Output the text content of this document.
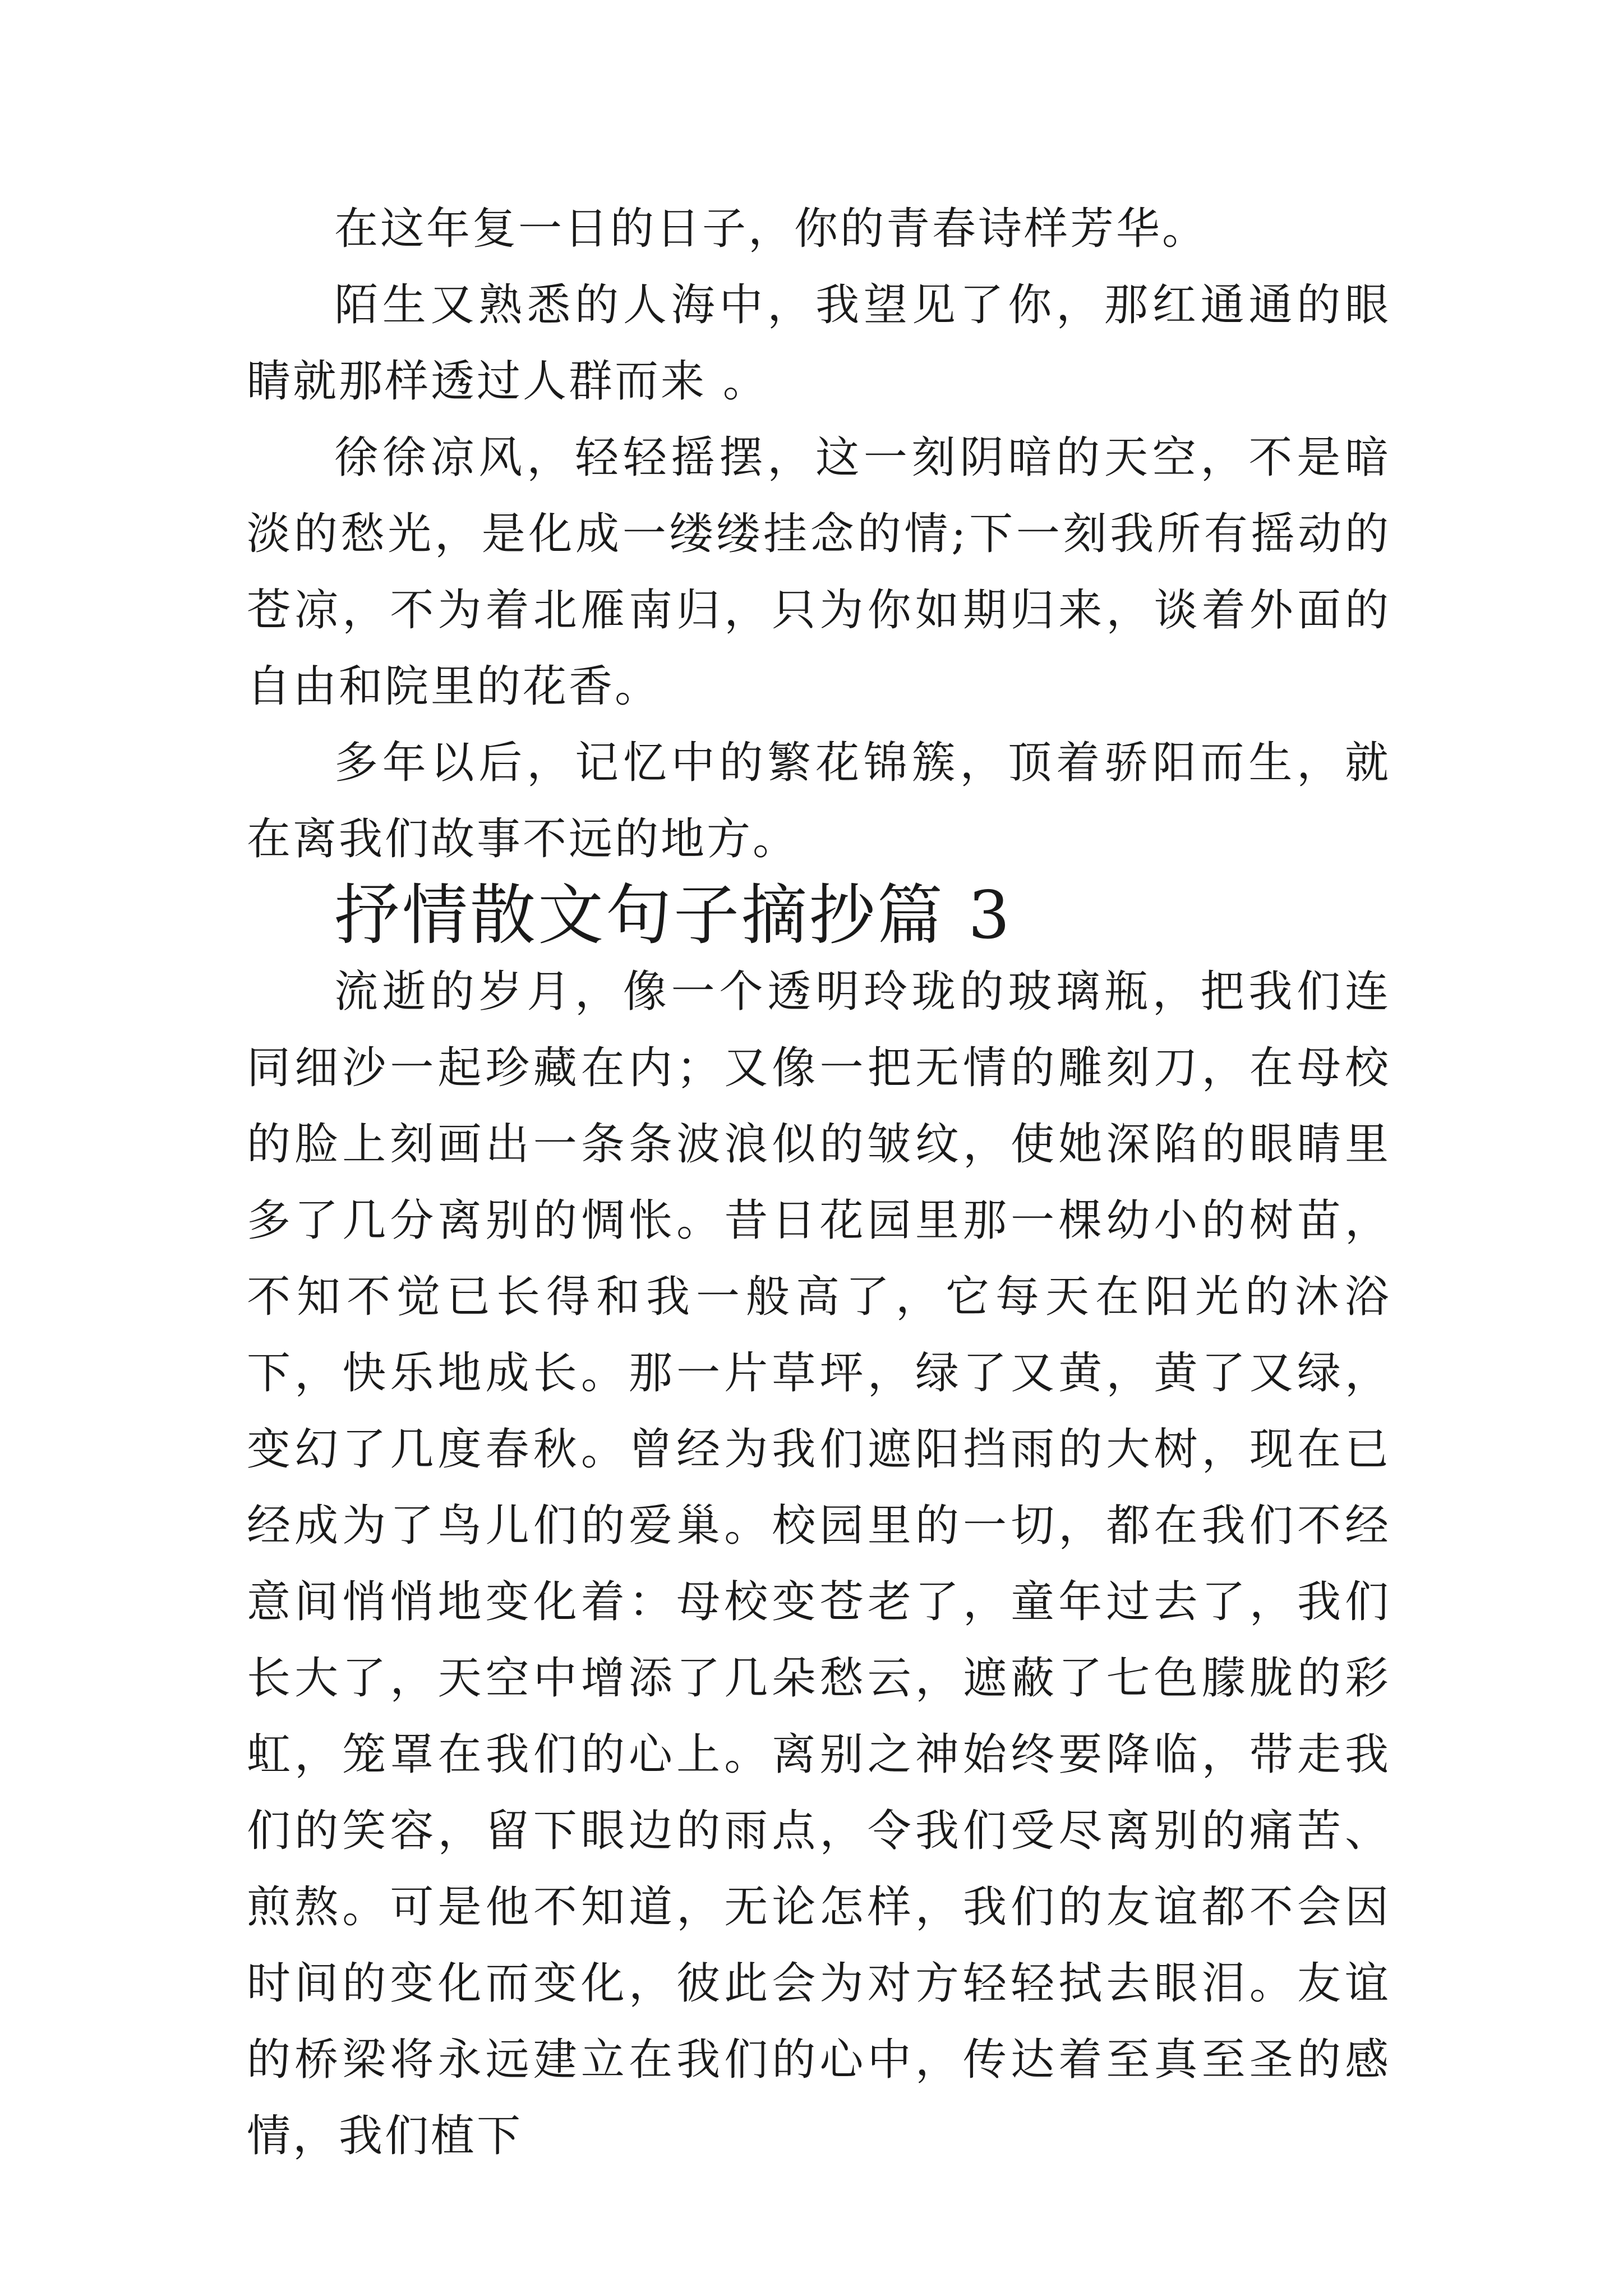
在这年复一日的日子，你的青春诗样芳华。

陌生又熟悉的人海中，我望见了你，那红通通的眼睛就那样透过人群而来 。

徐徐凉风，轻轻摇摆，这一刻阴暗的天空，不是暗淡的愁光，是化成一缕缕挂念的情;下一刻我所有摇动的苍凉，不为着北雁南归，只为你如期归来，谈着外面的自由和院里的花香。

多年以后，记忆中的繁花锦簇，顶着骄阳而生，就在离我们故事不远的地方。

抒情散文句子摘抄篇 3

流逝的岁月，像一个透明玲珑的玻璃瓶，把我们连同细沙一起珍藏在内；又像一把无情的雕刻刀，在母校的脸上刻画出一条条波浪似的皱纹，使她深陷的眼睛里多了几分离别的惆怅。昔日花园里那一棵幼小的树苗，不知不觉已长得和我一般高了，它每天在阳光的沐浴下，快乐地成长。那一片草坪，绿了又黄，黄了又绿，变幻了几度春秋。曾经为我们遮阳挡雨的大树，现在已经成为了鸟儿们的爱巢。校园里的一切，都在我们不经意间悄悄地变化着：母校变苍老了，童年过去了，我们长大了，天空中增添了几朵愁云，遮蔽了七色朦胧的彩虹，笼罩在我们的心上。离别之神始终要降临，带走我们的笑容，留下眼边的雨点，令我们受尽离别的痛苦、煎熬。可是他不知道，无论怎样，我们的友谊都不会因时间的变化而变化，彼此会为对方轻轻拭去眼泪。友谊的桥梁将永远建立在我们的心中，传达着至真至圣的感情，我们植下
